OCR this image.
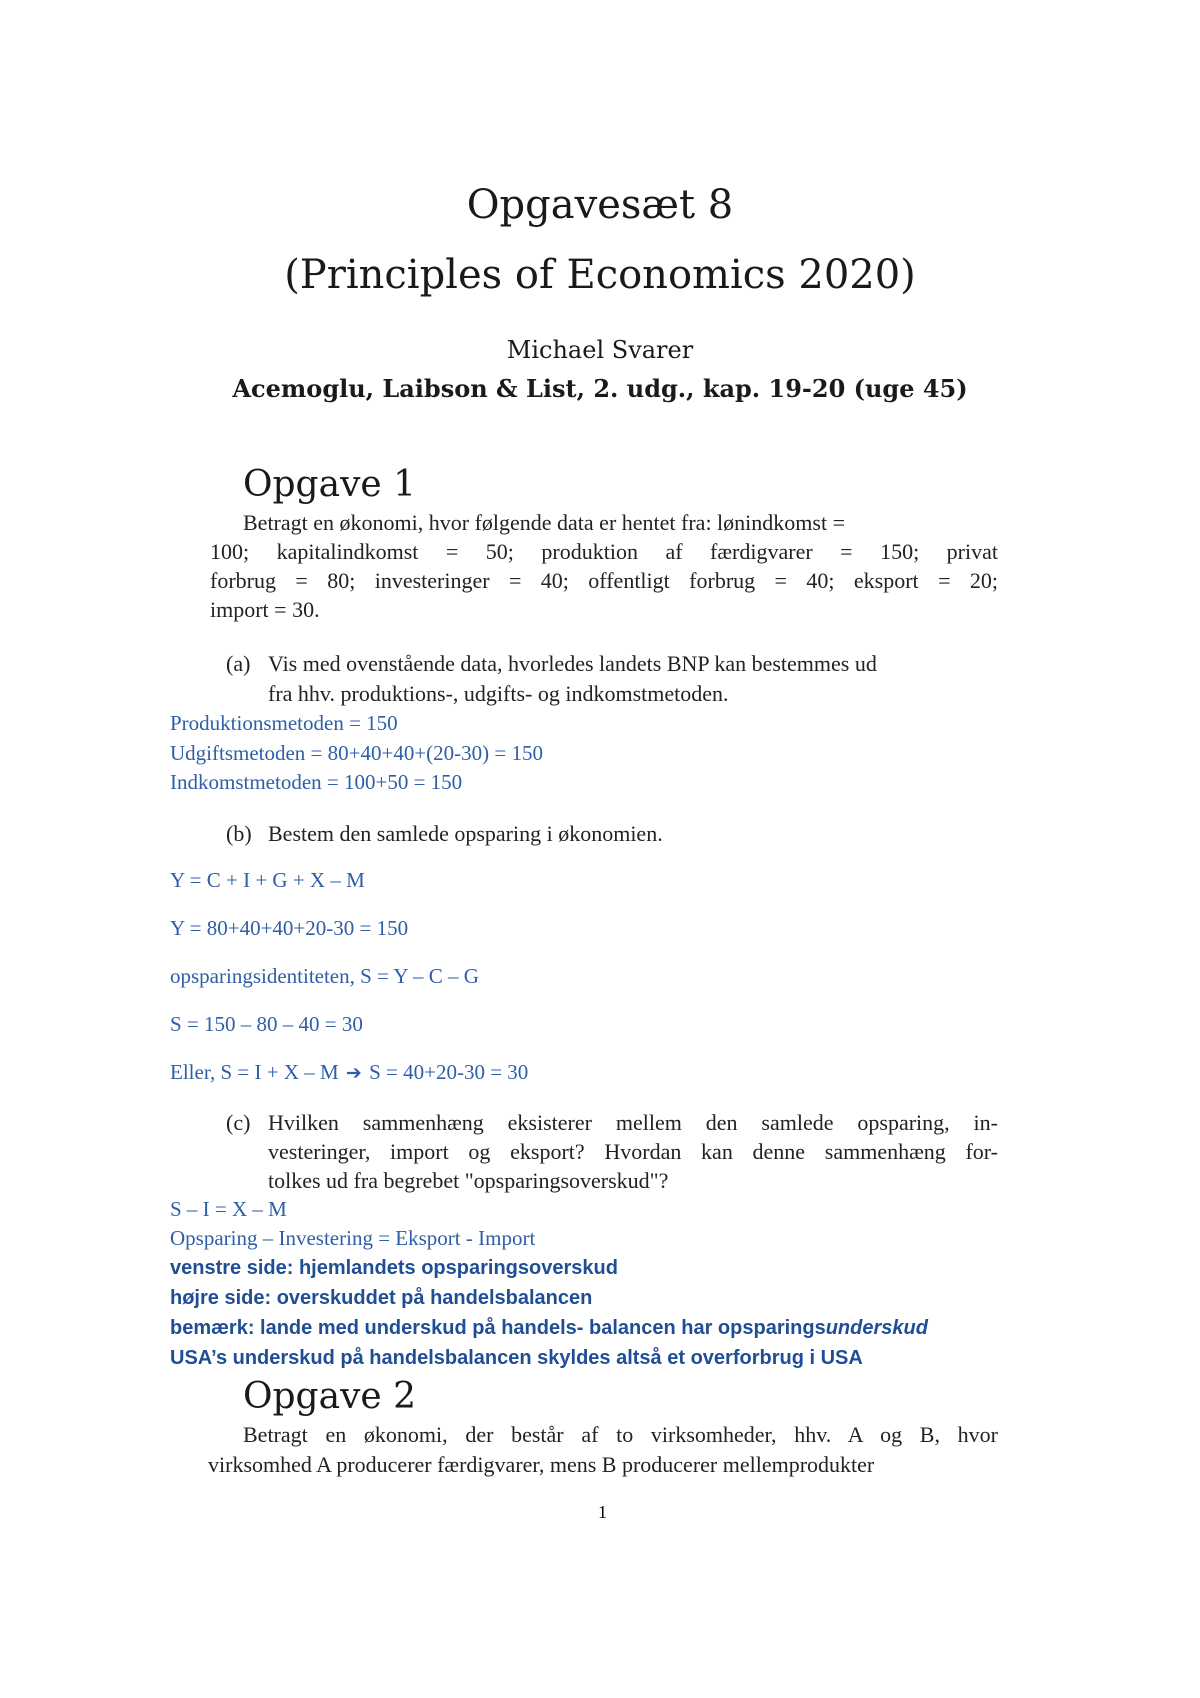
Opgavesæt 8
(Principles of Economics 2020)
Michael Svarer
Acemoglu, Laibson & List, 2. udg., kap. 19-20 (uge 45)
Opgave 1
Betragt en økonomi, hvor følgende data er hentet fra: lønindkomst =
100; kapitalindkomst = 50; produktion af færdigvarer = 150; privat
forbrug = 80; investeringer = 40; offentligt forbrug = 40; eksport = 20;
import = 30.
(a) Vis med ovenstående data, hvorledes landets BNP kan bestemmes ud
fra hhv. produktions-, udgifts- og indkomstmetoden.
Produktionsmetoden = 150
Udgiftsmetoden = 80+40+40+(20-30) = 150
Indkomstmetoden = 100+50 = 150
(b) Bestem den samlede opsparing i økonomien.
Y = C + I + G + X – M
Y = 80+40+40+20-30 = 150
opsparingsidentiteten, S = Y – C – G
S = 150 – 80 – 40 = 30
Eller, S = I + X – M ➔ S = 40+20-30 = 30
(c) Hvilken sammenhæng eksisterer mellem den samlede opsparing, in-
vesteringer, import og eksport? Hvordan kan denne sammenhæng for-
tolkes ud fra begrebet "opsparingsoverskud"?
S – I = X – M
Opsparing – Investering = Eksport - Import
venstre side: hjemlandets opsparingsoverskud
højre side: overskuddet på handelsbalancen
bemærk: lande med underskud på handels- balancen har opsparingsunderskud
USA’s underskud på handelsbalancen skyldes altså et overforbrug i USA
Opgave 2
Betragt en økonomi, der består af to virksomheder, hhv. A og B, hvor
virksomhed A producerer færdigvarer, mens B producerer mellemprodukter
1
